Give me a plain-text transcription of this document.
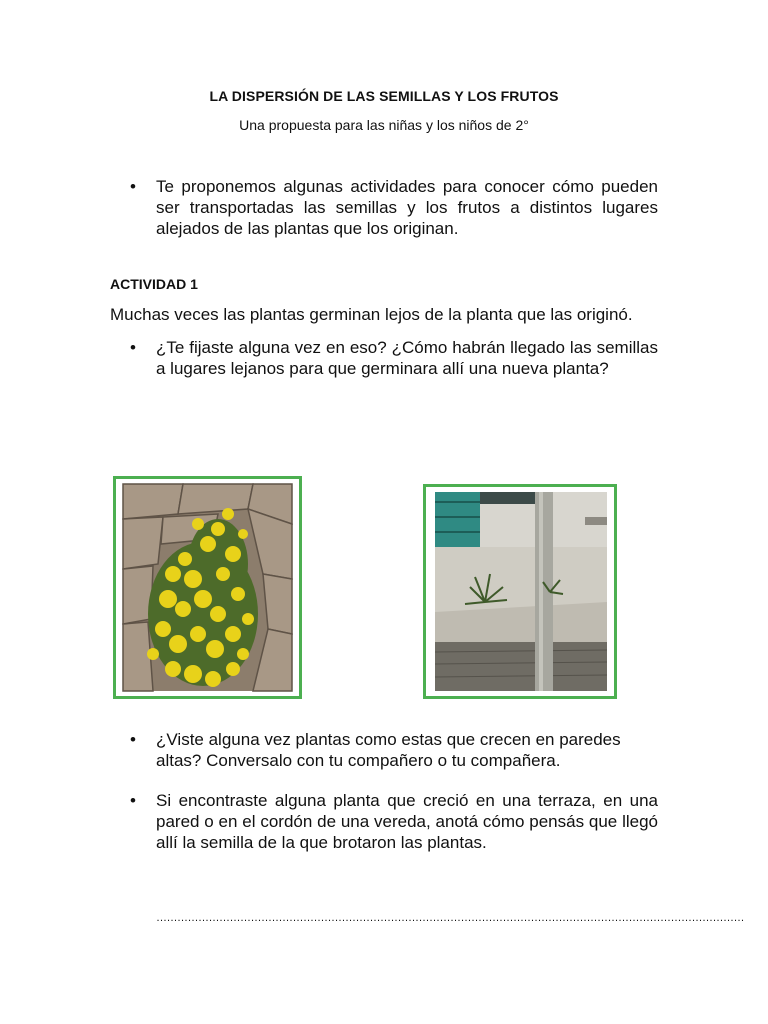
LA DISPERSIÓN DE LAS SEMILLAS Y LOS FRUTOS
Una propuesta para las niñas y los niños de 2°
• Te proponemos algunas actividades para conocer cómo pueden ser transportadas las semillas y los frutos a distintos lugares alejados de las plantas que los originan.
ACTIVIDAD 1
Muchas veces las plantas germinan lejos de la planta que las originó.
• ¿Te fijaste alguna vez en eso? ¿Cómo habrán llegado las semillas a lugares lejanos para que germinara allí una nueva planta?
• ¿Viste alguna vez plantas como estas que crecen en paredes altas? Conversalo con tu compañero o tu compañera.
• Si encontraste alguna planta que creció en una terraza, en una pared o en el cordón de una vereda, anotá cómo pensás que llegó allí la semilla de la que brotaron las plantas.
……………………………………………………………………………………………………………………………………………………
